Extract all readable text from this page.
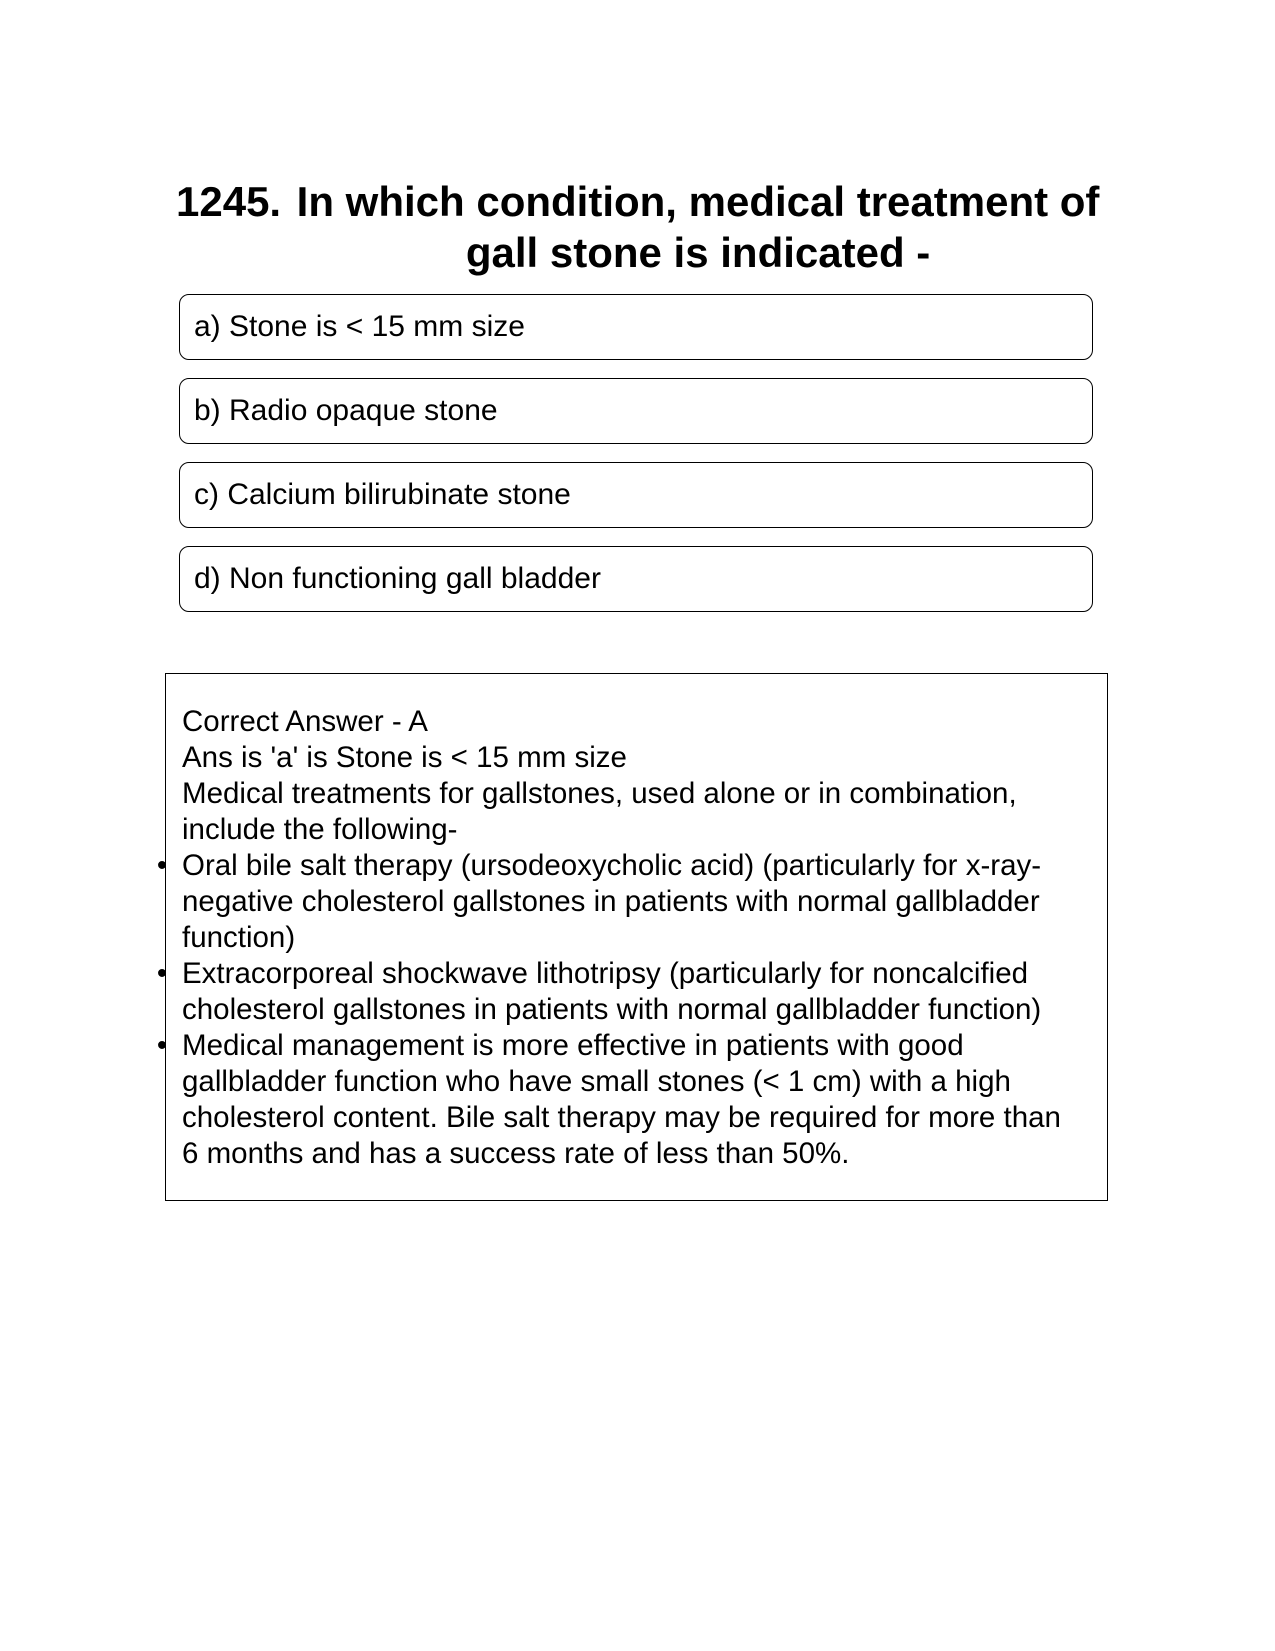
1245. In which condition, medical treatment of gall stone is indicated -
a) Stone is < 15 mm size
b) Radio opaque stone
c) Calcium bilirubinate stone
d) Non functioning gall bladder

Correct Answer - A

Ans is 'a' is Stone is < 15 mm size

Medical treatments for gallstones, used alone or in combination, include the following-

• Oral bile salt therapy (ursodeoxycholic acid) (particularly for x-ray-negative cholesterol gallstones in patients with normal gallbladder function)
• Extracorporeal shockwave lithotripsy (particularly for noncalcified cholesterol gallstones in patients with normal gallbladder function)
• Medical management is more effective in patients with good gallbladder function who have small stones (< 1 cm) with a high cholesterol content. Bile salt therapy may be required for more than 6 months and has a success rate of less than 50%.
